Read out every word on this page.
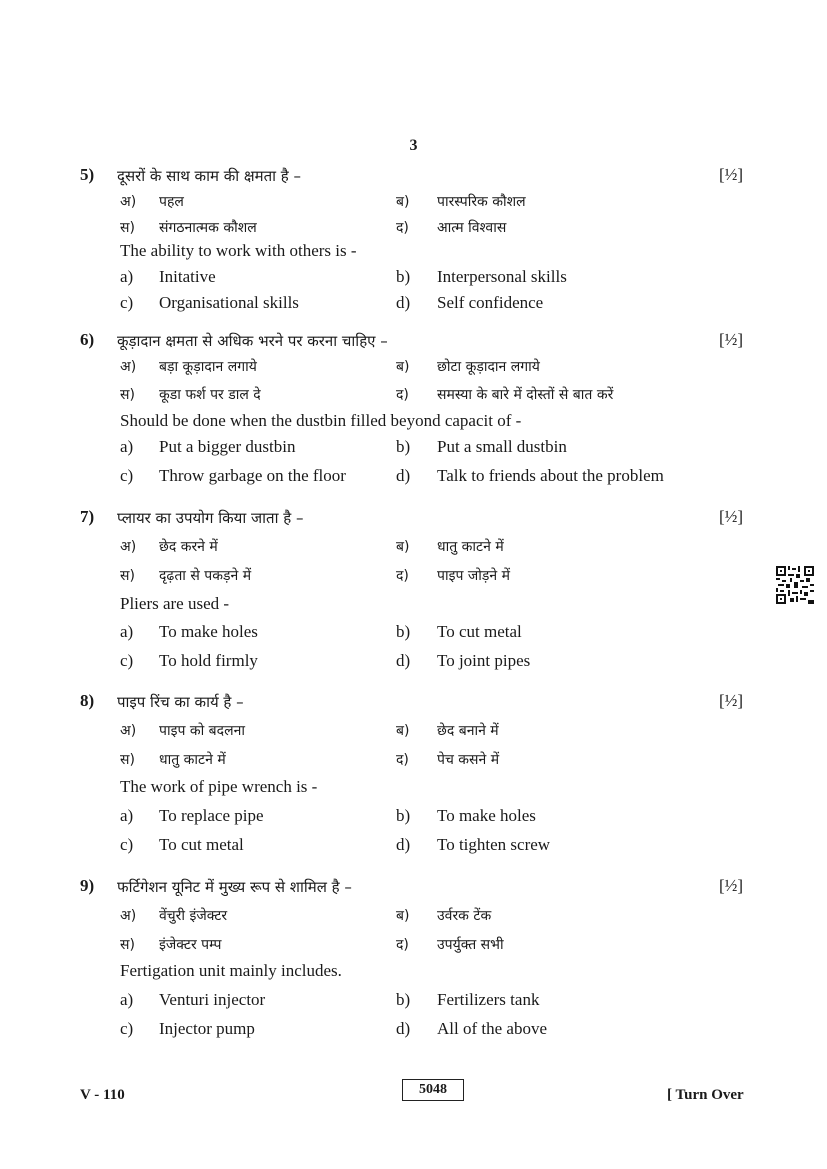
3
5) दूसरों के साथ काम की क्षमता है –	[½]
अ) पहल	ब) पारस्परिक कौशल
स) संगठनात्मक कौशल	द) आत्म विश्वास
The ability to work with others is -
a) Initative	b) Interpersonal skills
c) Organisational skills	d) Self confidence
6) कूड़ादान क्षमता से अधिक भरने पर करना चाहिए –	[½]
अ) बड़ा कूड़ादान लगाये	ब) छोटा कूड़ादान लगाये
स) कूडा फर्श पर डाल दे	द) समस्या के बारे में दोस्तों से बात करें
Should be done when the dustbin filled beyond capacit of -
a) Put a bigger dustbin	b) Put a small dustbin
c) Throw garbage on the floor	d) Talk to friends about the problem
7) प्लायर का उपयोग किया जाता है –	[½]
अ) छेद करने में	ब) धातु काटने में
स) दृढ़ता से पकड़ने में	द) पाइप जोड़ने में
Pliers are used -
a) To make holes	b) To cut metal
c) To hold firmly	d) To joint pipes
8) पाइप रिंच का कार्य है –	[½]
अ) पाइप को बदलना	ब) छेद बनाने में
स) धातु काटने में	द) पेच कसने में
The work of pipe wrench is -
a) To replace pipe	b) To make holes
c) To cut metal	d) To tighten screw
9) फर्टिगेशन यूनिट में मुख्य रूप से शामिल है –	[½]
अ) वेंचुरी इंजेक्टर	ब) उर्वरक टेंक
स) इंजेक्टर पम्प	द) उपर्युक्त सभी
Fertigation unit mainly includes.
a) Venturi injector	b) Fertilizers tank
c) Injector pump	d) All of the above
V - 110	5048	[ Turn Over
